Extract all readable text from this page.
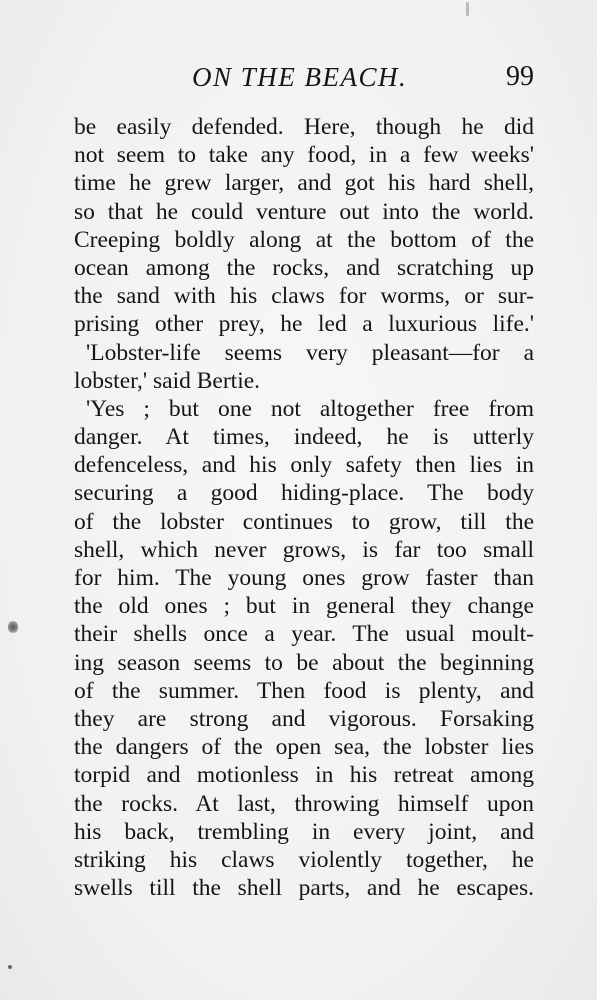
ON THE BEACH.	99
be easily defended. Here, though he did
not seem to take any food, in a few weeks'
time he grew larger, and got his hard shell,
so that he could venture out into the world.
Creeping boldly along at the bottom of the
ocean among the rocks, and scratching up
the sand with his claws for worms, or sur-
prising other prey, he led a luxurious life.'
'Lobster-life seems very pleasant—for a
lobster,' said Bertie.
'Yes ; but one not altogether free from
danger. At times, indeed, he is utterly
defenceless, and his only safety then lies in
securing a good hiding-place. The body
of the lobster continues to grow, till the
shell, which never grows, is far too small
for him. The young ones grow faster than
the old ones ; but in general they change
their shells once a year. The usual moult-
ing season seems to be about the beginning
of the summer. Then food is plenty, and
they are strong and vigorous. Forsaking
the dangers of the open sea, the lobster lies
torpid and motionless in his retreat among
the rocks. At last, throwing himself upon
his back, trembling in every joint, and
striking his claws violently together, he
swells till the shell parts, and he escapes.
